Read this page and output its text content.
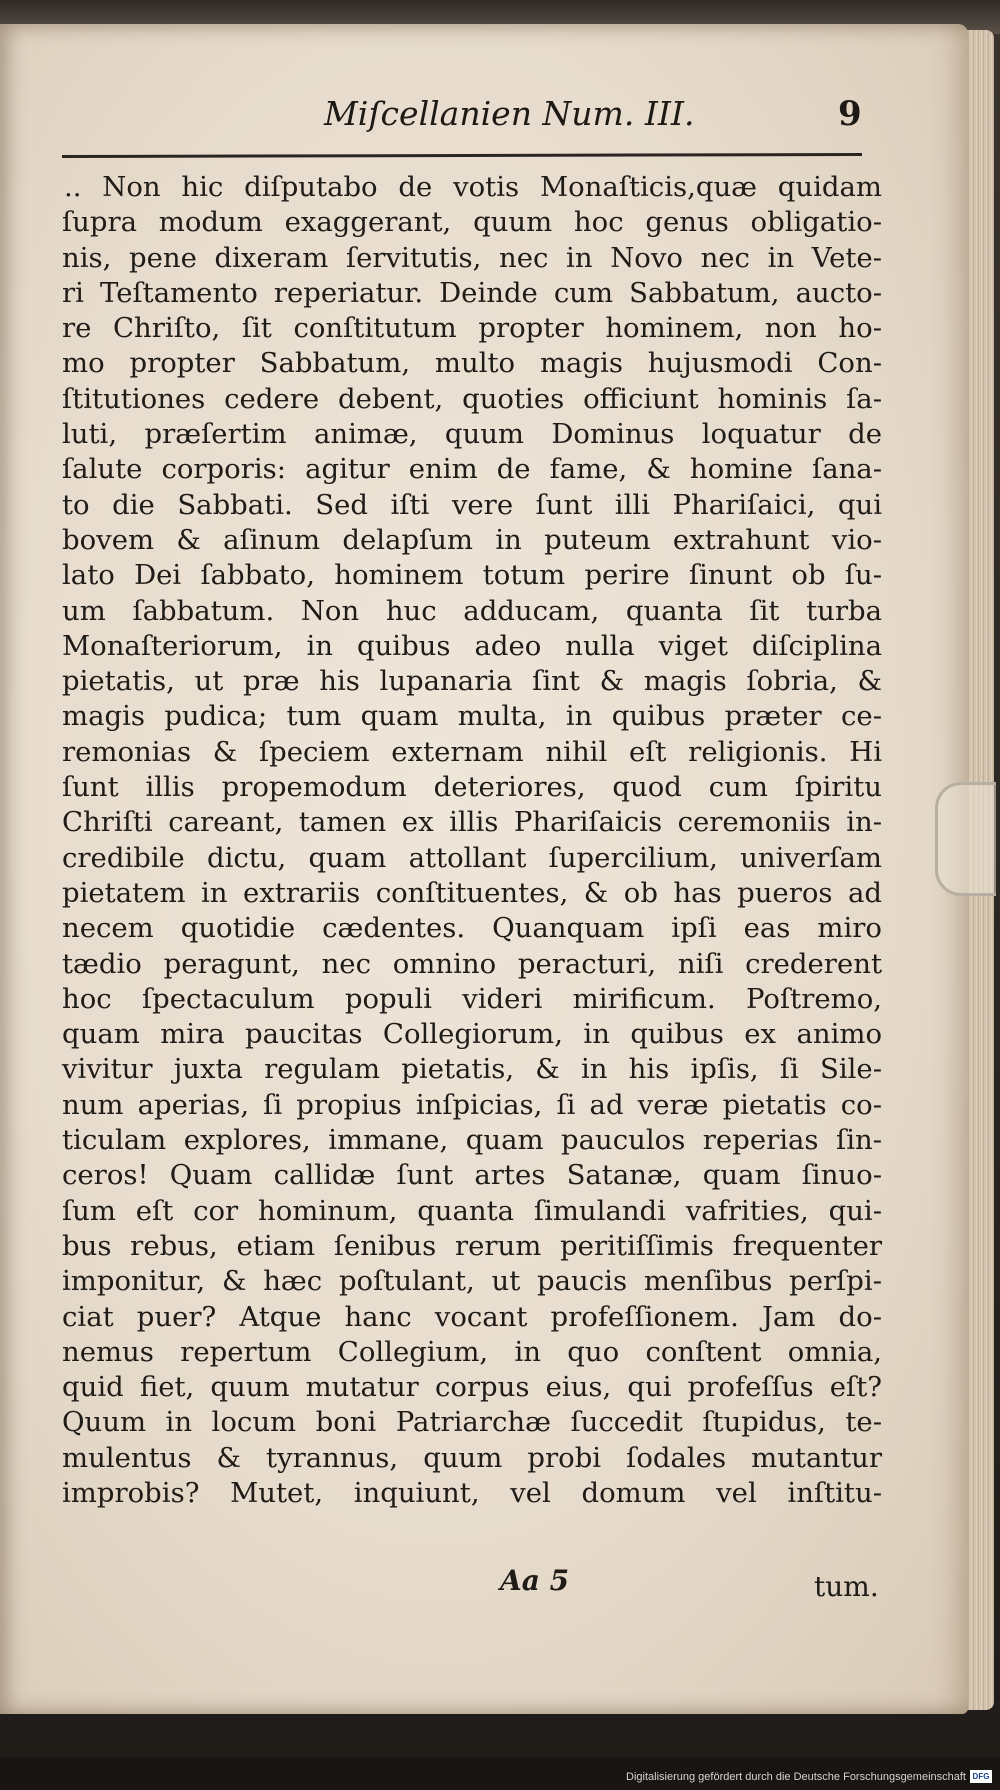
Miſcellanien Num. III.	9
.. Non hic diſputabo de votis Monaſticis,quæ quidam
ſupra modum exaggerant, quum hoc genus obligatio-
nis, pene dixeram ſervitutis, nec in Novo nec in Vete-
ri Teſtamento reperiatur. Deinde cum Sabbatum, aucto-
re Chriſto, ſit conſtitutum propter hominem, non ho-
mo propter Sabbatum, multo magis hujusmodi Con-
ſtitutiones cedere debent, quoties officiunt hominis ſa-
luti, præſertim animæ, quum Dominus loquatur de
ſalute corporis: agitur enim de fame, & homine ſana-
to die Sabbati. Sed iſti vere ſunt illi Phariſaici, qui
bovem & aſinum delapſum in puteum extrahunt vio-
lato Dei ſabbato, hominem totum perire ſinunt ob ſu-
um ſabbatum. Non huc adducam, quanta ſit turba
Monaſteriorum, in quibus adeo nulla viget diſciplina
pietatis, ut præ his lupanaria ſint & magis ſobria, &
magis pudica; tum quam multa, in quibus præter ce-
remonias & ſpeciem externam nihil eſt religionis. Hi
ſunt illis propemodum deteriores, quod cum ſpiritu
Chriſti careant, tamen ex illis Phariſaicis ceremoniis in-
credibile dictu, quam attollant ſupercilium, univerſam
pietatem in extrariis conſtituentes, & ob has pueros ad
necem quotidie cædentes. Quanquam ipſi eas miro
tædio peragunt, nec omnino peracturi, niſi crederent
hoc ſpectaculum populi videri mirificum. Poſtremo,
quam mira paucitas Collegiorum, in quibus ex animo
vivitur juxta regulam pietatis, & in his ipſis, ſi Sile-
num aperias, ſi propius inſpicias, ſi ad veræ pietatis co-
ticulam explores, immane, quam pauculos reperias ſin-
ceros! Quam callidæ ſunt artes Satanæ, quam ſinuo-
ſum eſt cor hominum, quanta ſimulandi vafrities, qui-
bus rebus, etiam ſenibus rerum peritiſſimis frequenter
imponitur, & hæc poſtulant, ut paucis menſibus perſpi-
ciat puer? Atque hanc vocant profeſſionem. Jam do-
nemus repertum Collegium, in quo conſtent omnia,
quid fiet, quum mutatur corpus eius, qui profeſſus eſt?
Quum in locum boni Patriarchæ ſuccedit ſtupidus, te-
mulentus & tyrannus, quum probi ſodales mutantur
improbis? Mutet, inquiunt, vel domum vel inſtitu-
Aa 5	tum.
Digitalisierung gefördert durch die Deutsche Forschungsgemeinschaft DFG
